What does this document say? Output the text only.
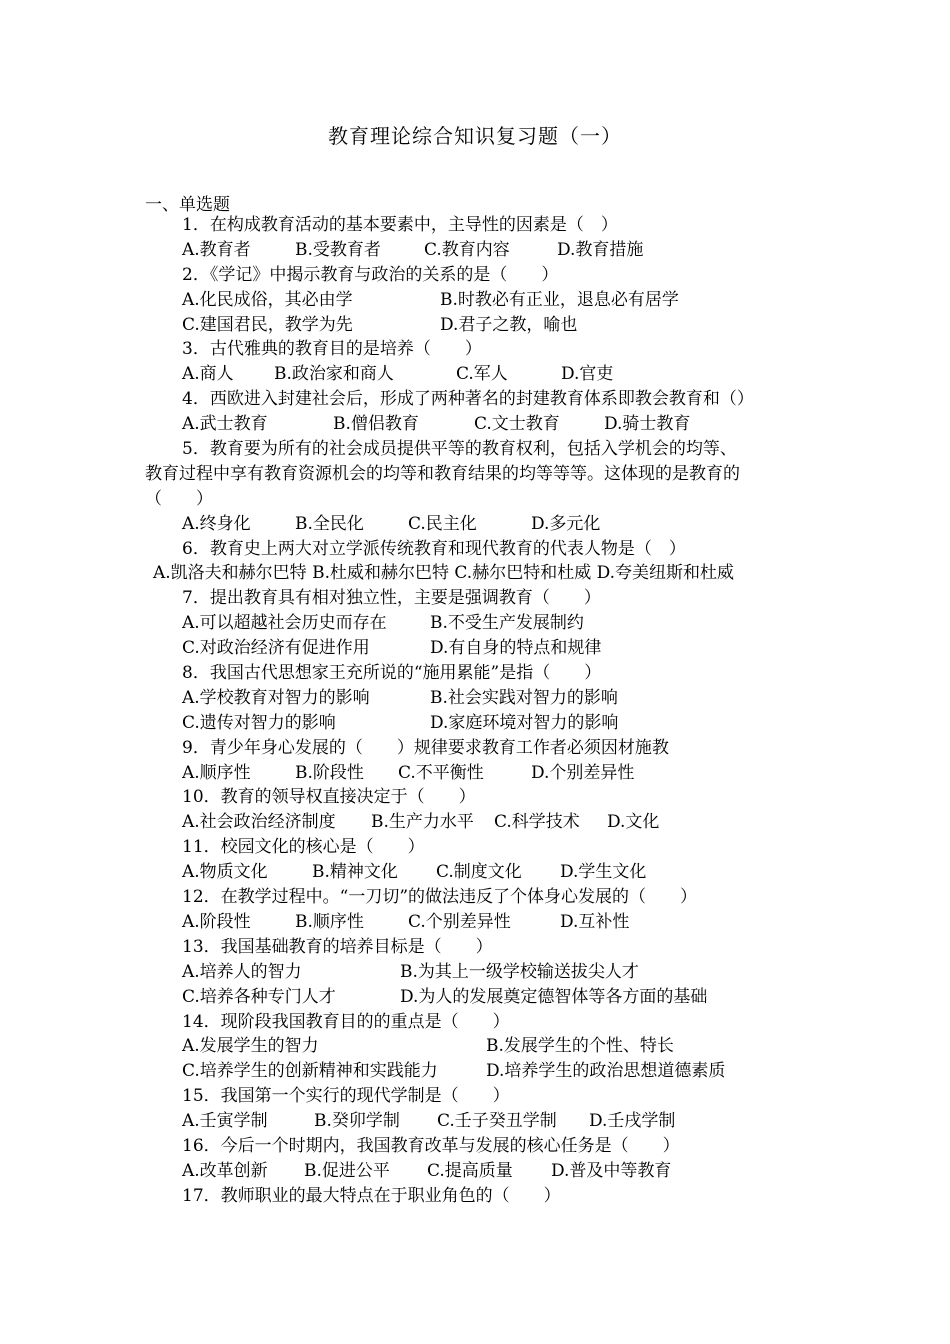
教育理论综合知识复习题（一）
一、单选题
1．在构成教育活动的基本要素中，主导性的因素是（　）
A.教育者	B.受教育者	C.教育内容	D.教育措施
2．《学记》中揭示教育与政治的关系的是（　　）
A.化民成俗，其必由学	B.时教必有正业，退息必有居学
C.建国君民，教学为先	D.君子之教，喻也
3．古代雅典的教育目的是培养（　　）
A.商人 B.政治家和商人	C.军人	D.官吏
4．西欧进入封建社会后，形成了两种著名的封建教育体系即教会教育和（）
A.武士教育	B.僧侣教育	C.文士教育	D.骑士教育
5．教育要为所有的社会成员提供平等的教育权利，包括入学机会的均等、
教育过程中享有教育资源机会的均等和教育结果的均等等等。这体现的是教育的
（　　）
A.终身化	B.全民化	C.民主化	D.多元化
6．教育史上两大对立学派传统教育和现代教育的代表人物是（　）
A.凯洛夫和赫尔巴特 B.杜威和赫尔巴特 C.赫尔巴特和杜威 D.夸美纽斯和杜威
7．提出教育具有相对独立性，主要是强调教育（　　）
A.可以超越社会历史而存在	B.不受生产发展制约
C.对政治经济有促进作用	D.有自身的特点和规律
8．我国古代思想家王充所说的“施用累能”是指（　　）
A.学校教育对智力的影响	B.社会实践对智力的影响
C.遗传对智力的影响	D.家庭环境对智力的影响
9．青少年身心发展的（　　）规律要求教育工作者必须因材施教
A.顺序性	B.阶段性 C.不平衡性	D.个别差异性
10．教育的领导权直接决定于（　　）
A.社会政治经济制度 B.生产力水平 C.科学技术 D.文化
11．校园文化的核心是（　　）
A.物质文化	B.精神文化 C.制度文化 D.学生文化
12．在教学过程中。“一刀切”的做法违反了个体身心发展的（　　）
A.阶段性	B.顺序性	C.个别差异性	D.互补性
13．我国基础教育的培养目标是（　　）
A.培养人的智力	B.为其上一级学校输送拔尖人才
C.培养各种专门人才	D.为人的发展奠定德智体等各方面的基础
14．现阶段我国教育目的的重点是（　　）
A.发展学生的智力	B.发展学生的个性、特长
C.培养学生的创新精神和实践能力	D.培养学生的政治思想道德素质
15．我国第一个实行的现代学制是（　　）
A.壬寅学制	B.癸卯学制 C.壬子癸丑学制 D.壬戌学制
16．今后一个时期内，我国教育改革与发展的核心任务是（　　）
A.改革创新 B.促进公平 C.提高质量 D.普及中等教育
17．教师职业的最大特点在于职业角色的（　　）
